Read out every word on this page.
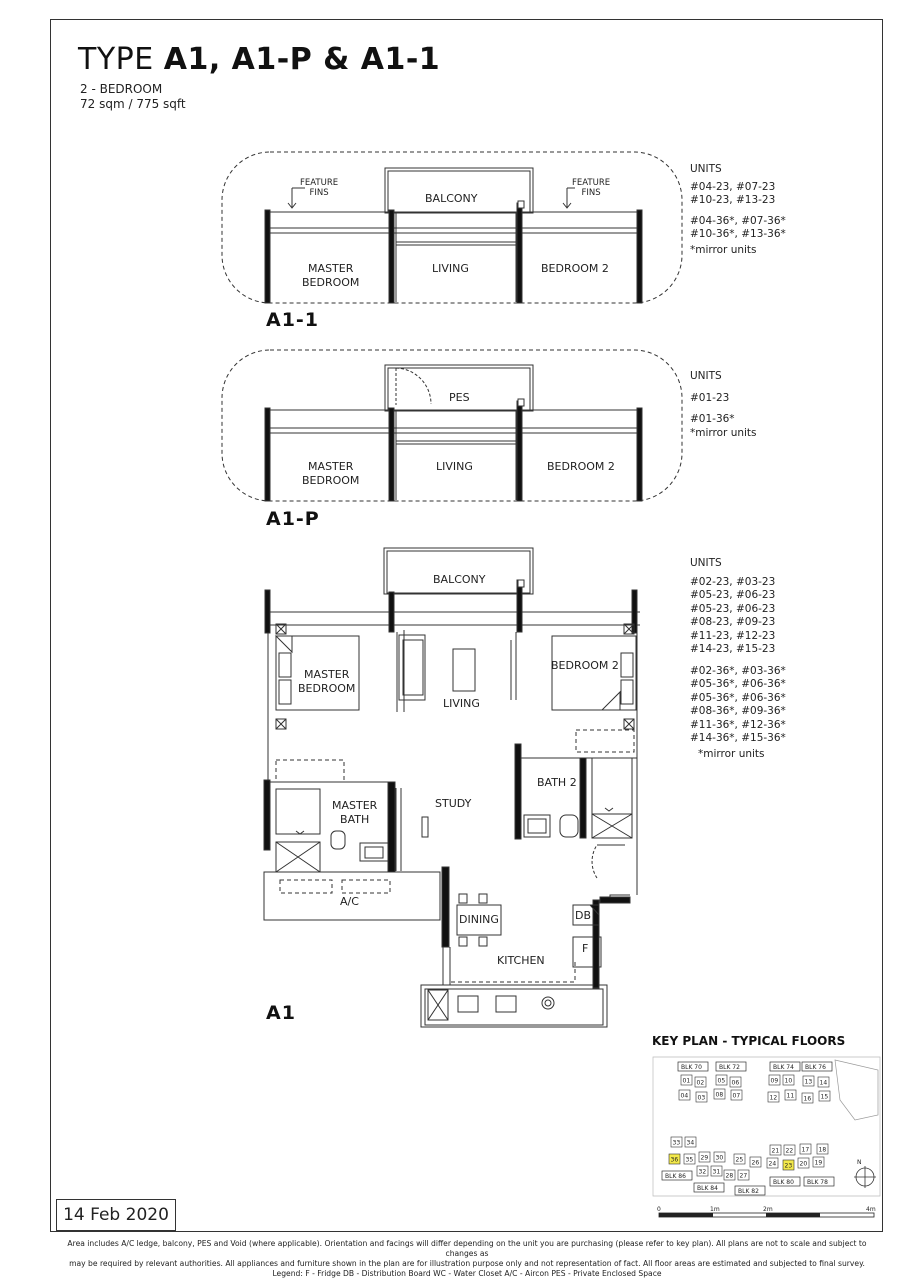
TYPE A1, A1-P & A1-1
2 - BEDROOM
72 sqm / 775 sqft
FEATURE
FINS
FEATURE
FINS
BALCONY
MASTER
BEDROOM
LIVING	BEDROOM 2
A1-1
PES
MASTER
BEDROOM
LIVING	BEDROOM 2
A1-P
BALCONY
MASTER
BEDROOM
LIVING
BEDROOM 2
MASTER
BATH
STUDY
BATH 2
A/C
DINING
KITCHEN
DB
F
A1
UNITS
#04-23, #07-23
#10-23, #13-23
#04-36*, #07-36*
#10-36*, #13-36*
*mirror units
UNITS
#01-23
#01-36*
*mirror units
UNITS
#02-23, #03-23
#05-23, #06-23
#05-23, #06-23
#08-23, #09-23
#11-23, #12-23
#14-23, #15-23
#02-36*, #03-36*
#05-36*, #06-36*
#05-36*, #06-36*
#08-36*, #09-36*
#11-36*, #12-36*
#14-36*, #15-36*
*mirror units
KEY PLAN - TYPICAL FLOORS
BLK 70	BLK 72	BLK 74 BLK 76
01 02 05 06
04 03 08 07
09 10 13 14
12 11 16 15
33 34
36 35 29 30
32 31
28 27
25 26 24 23
21 22 17 18
20 19
BLK 86
BLK 84	BLK 82
BLK 80 BLK 78
N
0	1m	2m	4m
14 Feb 2020
Area includes A/C ledge, balcony, PES and Void (where applicable). Orientation and facings will differ depending on the unit you are purchasing (please refer to key plan). All plans are not to scale and subject to changes as
may be required by relevant authorities. All appliances and furniture shown in the plan are for illustration purpose only and not representation of fact. All floor areas are estimated and subjected to final survey.
Legend: F - Fridge DB - Distribution Board WC - Water Closet A/C - Aircon PES - Private Enclosed Space
